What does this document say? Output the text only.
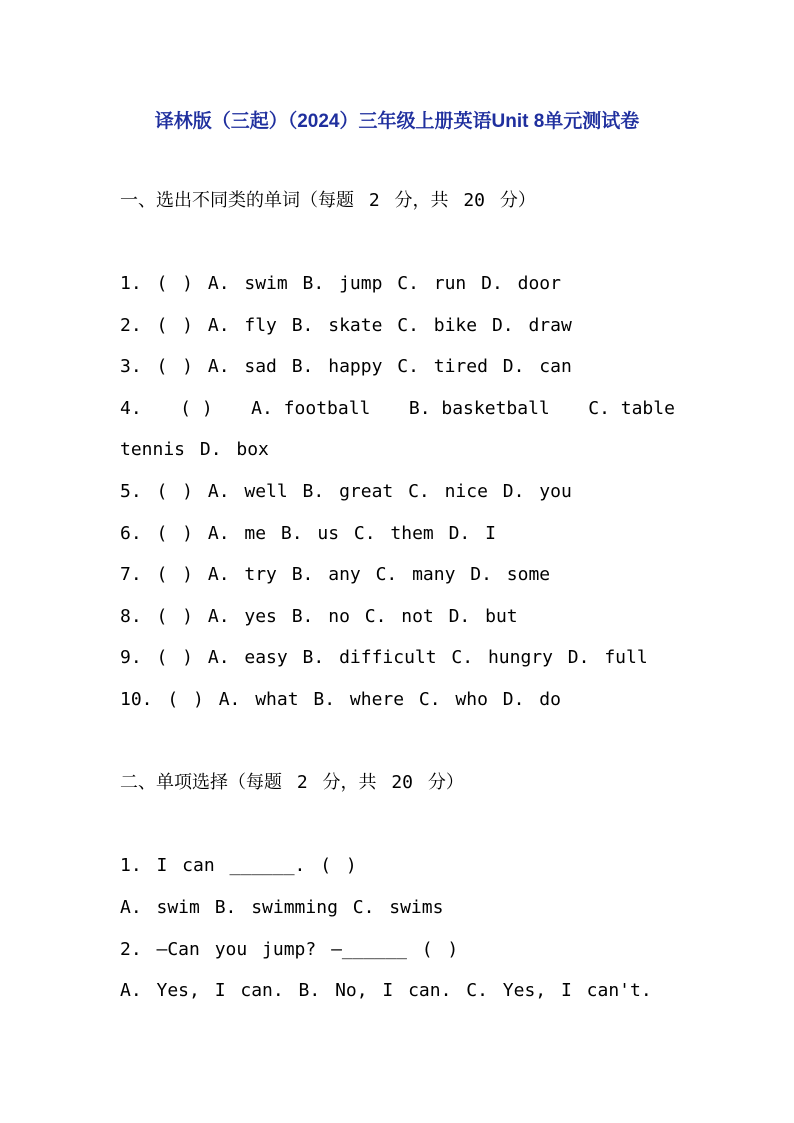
译林版（三起）（2024）三年级上册英语Unit 8单元测试卷
一、选出不同类的单词（每题 2 分，共 20 分）
1. ( ) A. swim B. jump C. run D. door
2. ( ) A. fly B. skate C. bike D. draw
3. ( ) A. sad B. happy C. tired D. can
4. ( ) A. football B. basketball C. table
tennis D. box
5. ( ) A. well B. great C. nice D. you
6. ( ) A. me B. us C. them D. I
7. ( ) A. try B. any C. many D. some
8. ( ) A. yes B. no C. not D. but
9. ( ) A. easy B. difficult C. hungry D. full
10. ( ) A. what B. where C. who D. do
二、单项选择（每题 2 分，共 20 分）
1. I can ______. ( )
A. swim B. swimming C. swims
2. —Can you jump? —______ ( )
A. Yes, I can. B. No, I can. C. Yes, I can't.
